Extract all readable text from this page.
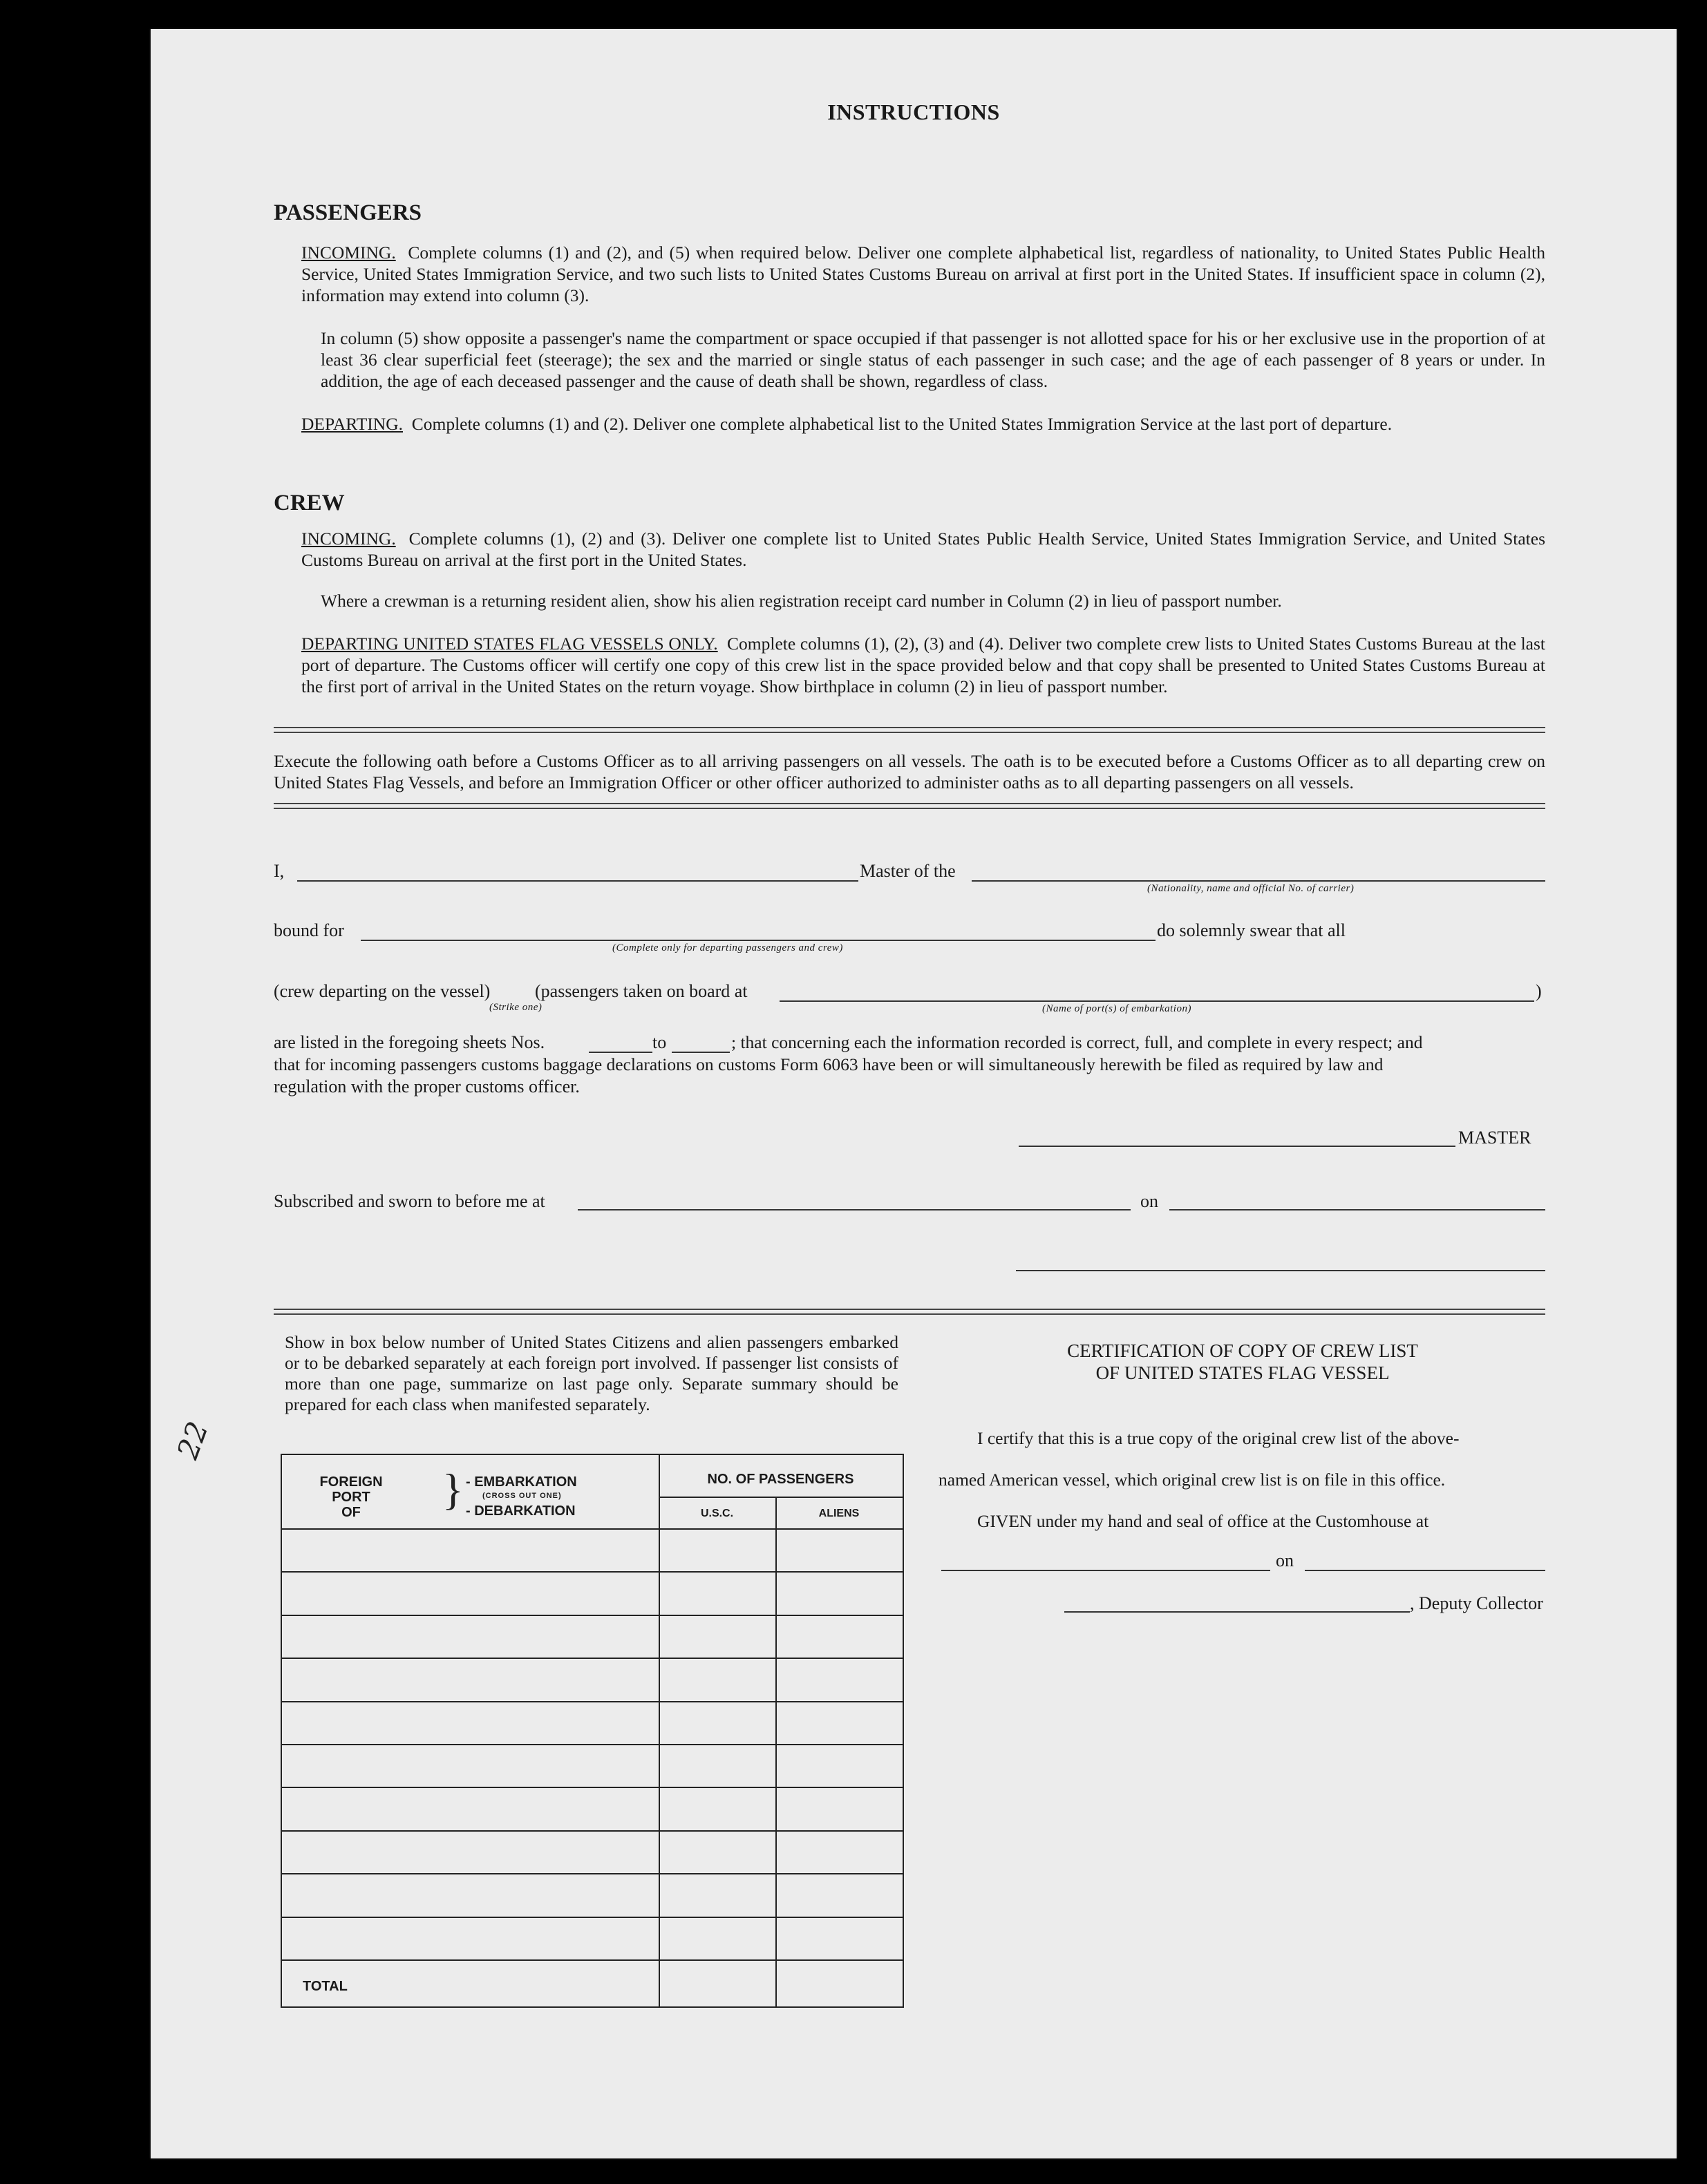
INSTRUCTIONS
PASSENGERS
INCOMING. Complete columns (1) and (2), and (5) when required below. Deliver one complete alphabetical list, regardless of nationality, to United States Public Health Service, United States Immigration Service, and two such lists to United States Customs Bureau on arrival at first port in the United States. If insufficient space in column (2), information may extend into column (3).
In column (5) show opposite a passenger's name the compartment or space occupied if that passenger is not allotted space for his or her exclusive use in the proportion of at least 36 clear superficial feet (steerage); the sex and the married or single status of each passenger in such case; and the age of each passenger of 8 years or under. In addition, the age of each deceased passenger and the cause of death shall be shown, regardless of class.
DEPARTING. Complete columns (1) and (2). Deliver one complete alphabetical list to the United States Immigration Service at the last port of departure.
CREW
INCOMING. Complete columns (1), (2) and (3). Deliver one complete list to United States Public Health Service, United States Immigration Service, and United States Customs Bureau on arrival at the first port in the United States.
Where a crewman is a returning resident alien, show his alien registration receipt card number in Column (2) in lieu of passport number.
DEPARTING UNITED STATES FLAG VESSELS ONLY. Complete columns (1), (2), (3) and (4). Deliver two complete crew lists to United States Customs Bureau at the last port of departure. The Customs officer will certify one copy of this crew list in the space provided below and that copy shall be presented to United States Customs Bureau at the first port of arrival in the United States on the return voyage. Show birthplace in column (2) in lieu of passport number.
Execute the following oath before a Customs Officer as to all arriving passengers on all vessels. The oath is to be executed before a Customs Officer as to all departing crew on United States Flag Vessels, and before an Immigration Officer or other officer authorized to administer oaths as to all departing passengers on all vessels.
I,	Master of the
(Nationality, name and official No. of carrier)
bound for
(Complete only for departing passengers and crew)
do solemnly swear that all
(crew departing on the vessel) (passengers taken on board at
(Strike one)	(Name of port(s) of embarkation)
)
are listed in the foregoing sheets Nos.	to	; that concerning each the information recorded is correct, full, and complete in every respect; and
that for incoming passengers customs baggage declarations on customs Form 6063 have been or will simultaneously herewith be filed as required by law and
regulation with the proper customs officer.
MASTER
Subscribed and sworn to before me at	on
Show in box below number of United States Citizens and alien passengers embarked or to be debarked separately at each foreign port involved. If passenger list consists of more than one page, summarize on last page only. Separate summary should be prepared for each class when manifested separately.
FOREIGN
PORT
OF	} - EMBARKATION
(CROSS OUT ONE)
- DEBARKATION
NO. OF PASSENGERS
U.S.C.	ALIENS
TOTAL
CERTIFICATION OF COPY OF CREW LIST
OF UNITED STATES FLAG VESSEL
I certify that this is a true copy of the original crew list of the above-
named American vessel, which original crew list is on file in this office.
GIVEN under my hand and seal of office at the Customhouse at
on
, Deputy Collector
22
